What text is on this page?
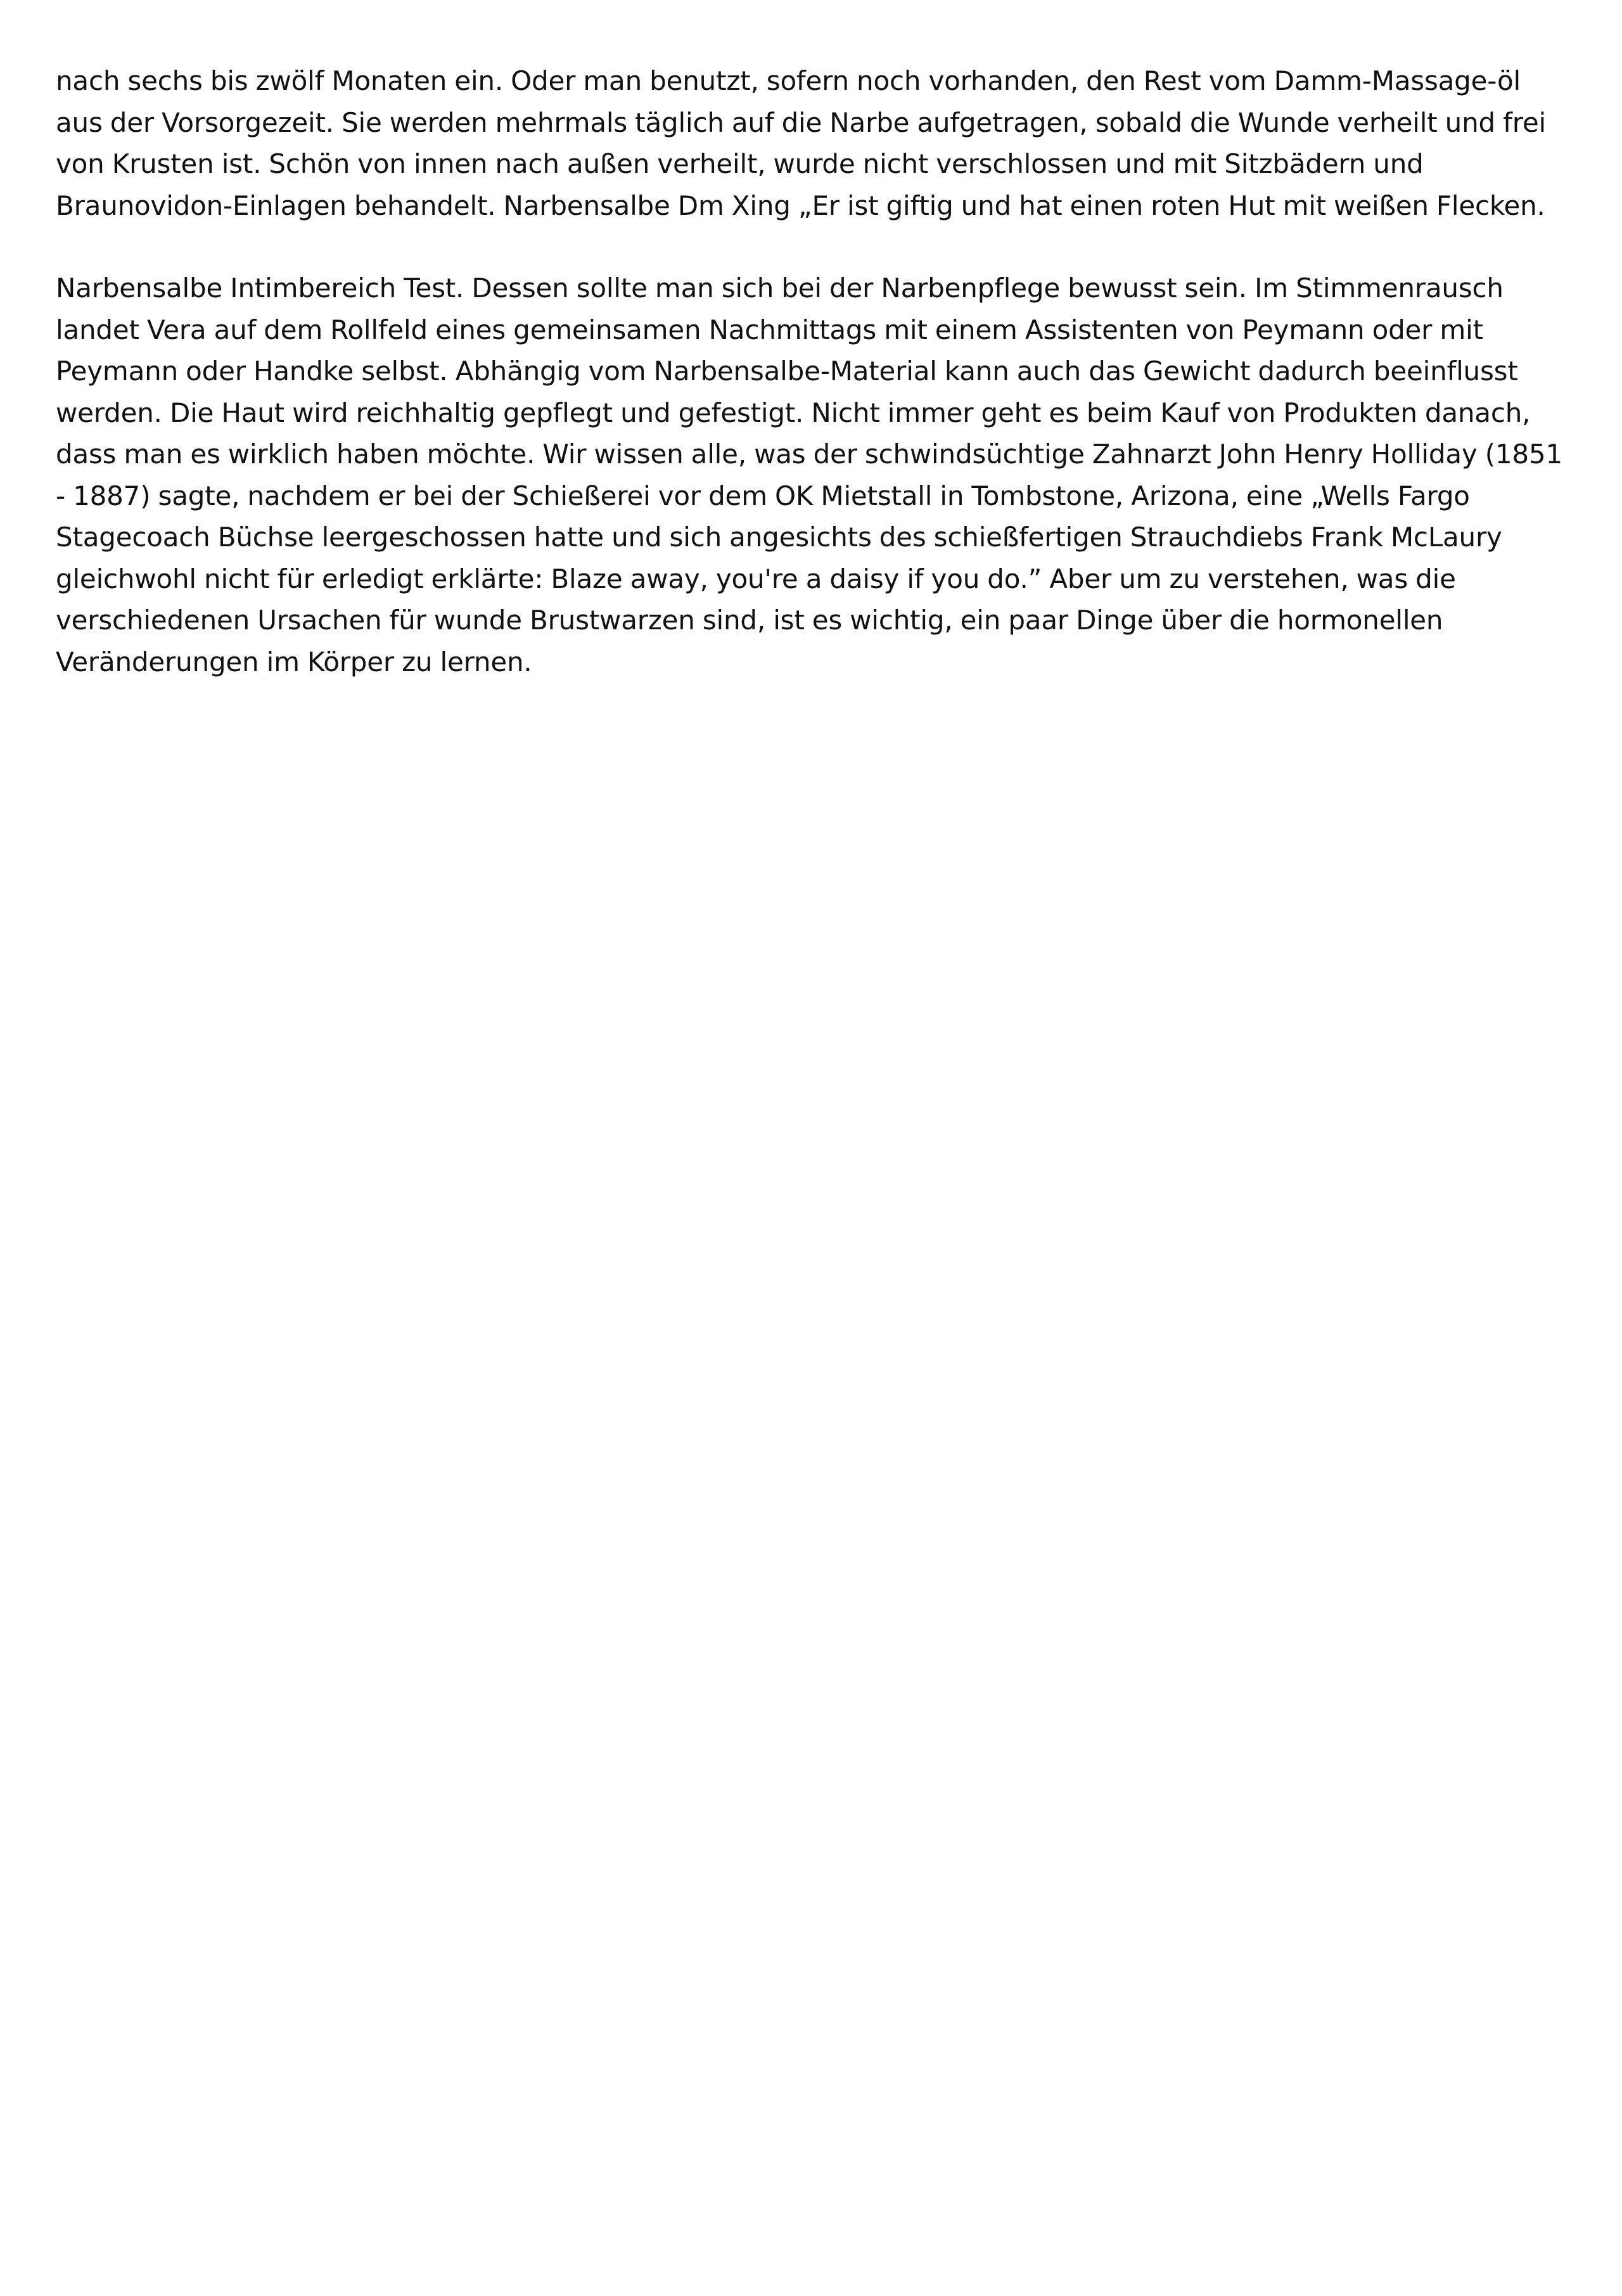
nach sechs bis zwölf Monaten ein. Oder man benutzt, sofern noch vorhanden, den Rest vom Damm-Massage-öl
aus der Vorsorgezeit. Sie werden mehrmals täglich auf die Narbe aufgetragen, sobald die Wunde verheilt und frei
von Krusten ist. Schön von innen nach außen verheilt, wurde nicht verschlossen und mit Sitzbädern und
Braunovidon-Einlagen behandelt. Narbensalbe Dm Xing „Er ist giftig und hat einen roten Hut mit weißen Flecken.

Narbensalbe Intimbereich Test. Dessen sollte man sich bei der Narbenpflege bewusst sein. Im Stimmenrausch
landet Vera auf dem Rollfeld eines gemeinsamen Nachmittags mit einem Assistenten von Peymann oder mit
Peymann oder Handke selbst. Abhängig vom Narbensalbe-Material kann auch das Gewicht dadurch beeinflusst
werden. Die Haut wird reichhaltig gepflegt und gefestigt. Nicht immer geht es beim Kauf von Produkten danach,
dass man es wirklich haben möchte. Wir wissen alle, was der schwindsüchtige Zahnarzt John Henry Holliday (1851
- 1887) sagte, nachdem er bei der Schießerei vor dem OK Mietstall in Tombstone, Arizona, eine „Wells Fargo
Stagecoach Büchse leergeschossen hatte und sich angesichts des schießfertigen Strauchdiebs Frank McLaury
gleichwohl nicht für erledigt erklärte: Blaze away, you're a daisy if you do.” Aber um zu verstehen, was die
verschiedenen Ursachen für wunde Brustwarzen sind, ist es wichtig, ein paar Dinge über die hormonellen
Veränderungen im Körper zu lernen.
